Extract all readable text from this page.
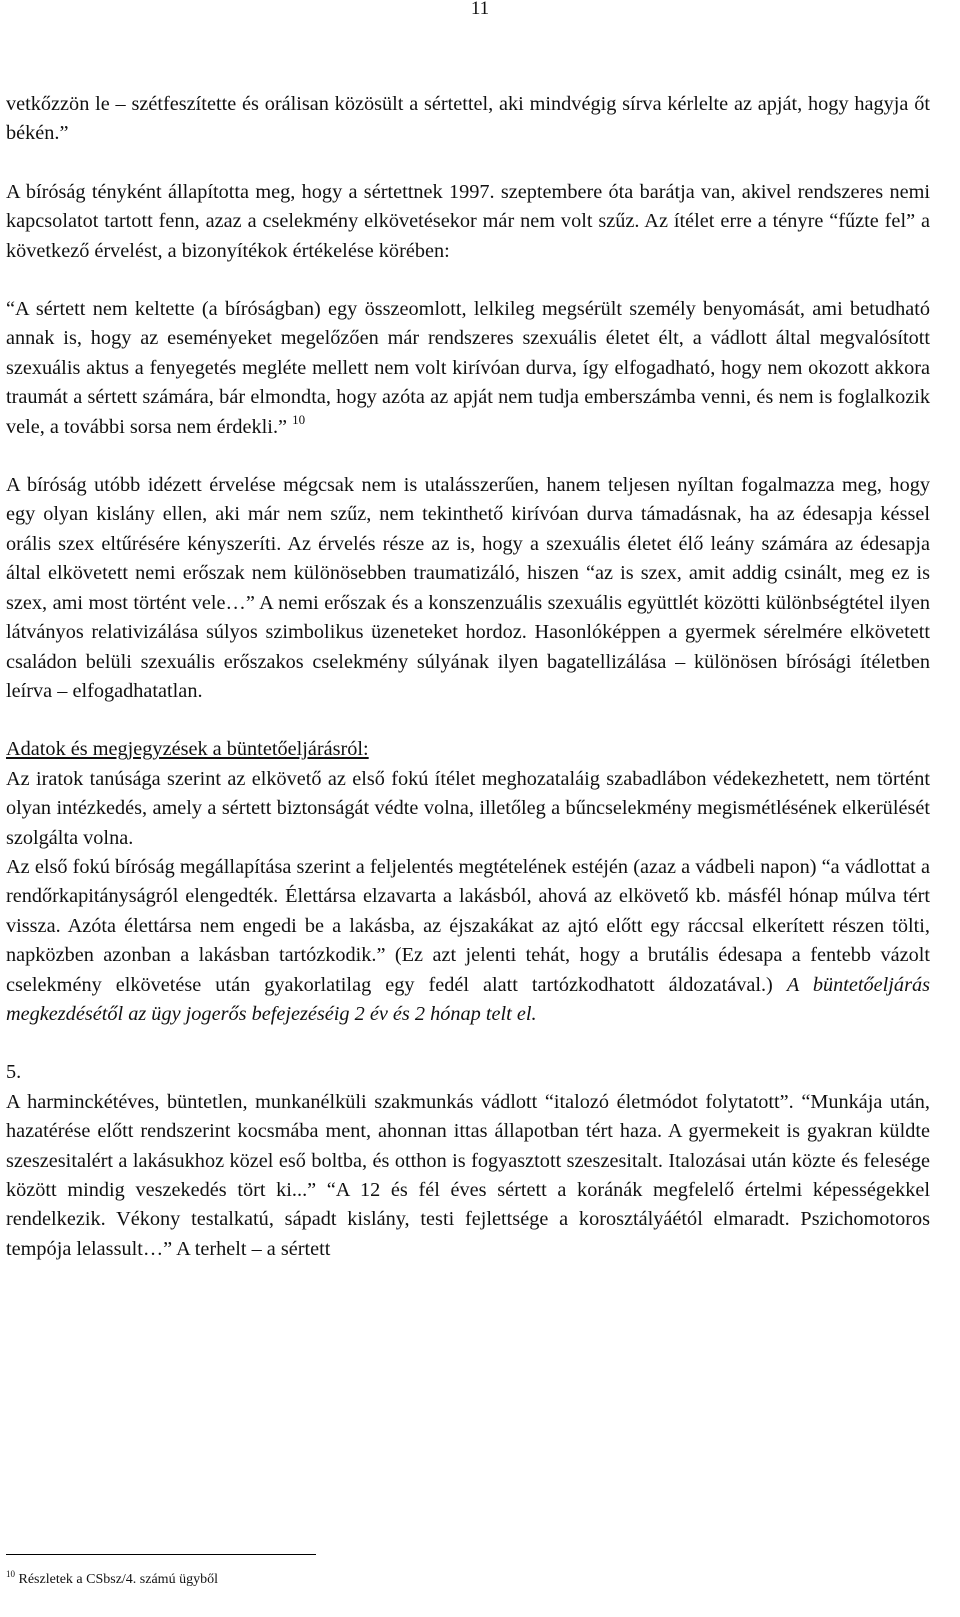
11

vetkőzzön le – szétfeszítette és orálisan közösült a sértettel, aki mindvégig sírva kérlelte az apját, hogy hagyja őt békén.”

A bíróság tényként állapította meg, hogy a sértettnek 1997. szeptembere óta barátja van, akivel rendszeres nemi kapcsolatot tartott fenn, azaz a cselekmény elkövetésekor már nem volt szűz. Az ítélet erre a tényre “fűzte fel” a következő érvelést, a bizonyítékok értékelése körében:

“A sértett nem keltette (a bíróságban) egy összeomlott, lelkileg megsérült személy benyomását, ami betudható annak is, hogy az eseményeket megelőzően már rendszeres szexuális életet élt, a vádlott által megvalósított szexuális aktus a fenyegetés megléte mellett nem volt kirívóan durva, így elfogadható, hogy nem okozott akkora traumát a sértett számára, bár elmondta, hogy azóta az apját nem tudja emberszámba venni, és nem is foglalkozik vele, a további sorsa nem érdekli.” $^{10}$

A bíróság utóbb idézett érvelése mégcsak nem is utalásszerűen, hanem teljesen nyíltan fogalmazza meg, hogy egy olyan kislány ellen, aki már nem szűz, nem tekinthető kirívóan durva támadásnak, ha az édesapja késsel orális szex eltűrésére kényszeríti. Az érvelés része az is, hogy a szexuális életet élő leány számára az édesapja által elkövetett nemi erőszak nem különösebben traumatizáló, hiszen “az is szex, amit addig csinált, meg ez is szex, ami most történt vele…” A nemi erőszak és a konszenzuális szexuális együttlét közötti különbségtétel ilyen látványos relativizálása súlyos szimbolikus üzeneteket hordoz. Hasonlóképpen a gyermek sérelmére elkövetett családon belüli szexuális erőszakos cselekmény súlyának ilyen bagatellizálása – különösen bírósági ítéletben leírva – elfogadhatatlan.

Adatok és megjegyzések a büntetőeljárásról:

Az iratok tanúsága szerint az elkövető az első fokú ítélet meghozataláig szabadlábon védekezhetett, nem történt olyan intézkedés, amely a sértett biztonságát védte volna, illetőleg a bűncselekmény megismétlésének elkerülését szolgálta volna.

Az első fokú bíróság megállapítása szerint a feljelentés megtételének estéjén (azaz a vádbeli napon) “a vádlottat a rendőrkapitányságról elengedték. Élettársa elzavarta a lakásból, ahová az elkövető kb. másfél hónap múlva tért vissza. Azóta élettársa nem engedi be a lakásba, az éjszakákat az ajtó előtt egy ráccsal elkerített részen tölti, napközben azonban a lakásban tartózkodik.” (Ez azt jelenti tehát, hogy a brutális édesapa a fentebb vázolt cselekmény elkövetése után gyakorlatilag egy fedél alatt tartózkodhatott áldozatával.) A büntetőeljárás megkezdésétől az ügy jogerős befejezéséig 2 év és 2 hónap telt el.

5.

A harminckétéves, büntetlen, munkanélküli szakmunkás vádlott “italozó életmódot folytatott”. “Munkája után, hazatérése előtt rendszerint kocsmába ment, ahonnan ittas állapotban tért haza. A gyermekeit is gyakran küldte szeszesitalért a lakásukhoz közel eső boltba, és otthon is fogyasztott szeszesitalt. Italozásai után közte és felesége között mindig veszekedés tört ki...” “A 12 és fél éves sértett a koránák megfelelő értelmi képességekkel rendelkezik. Vékony testalkatú, sápadt kislány, testi fejlettsége a korosztályáétól elmaradt. Pszichomotoros tempója lelassult…” A terhelt – a sértett

$^{10}$ Részletek a CSbsz/4. számú ügyből
